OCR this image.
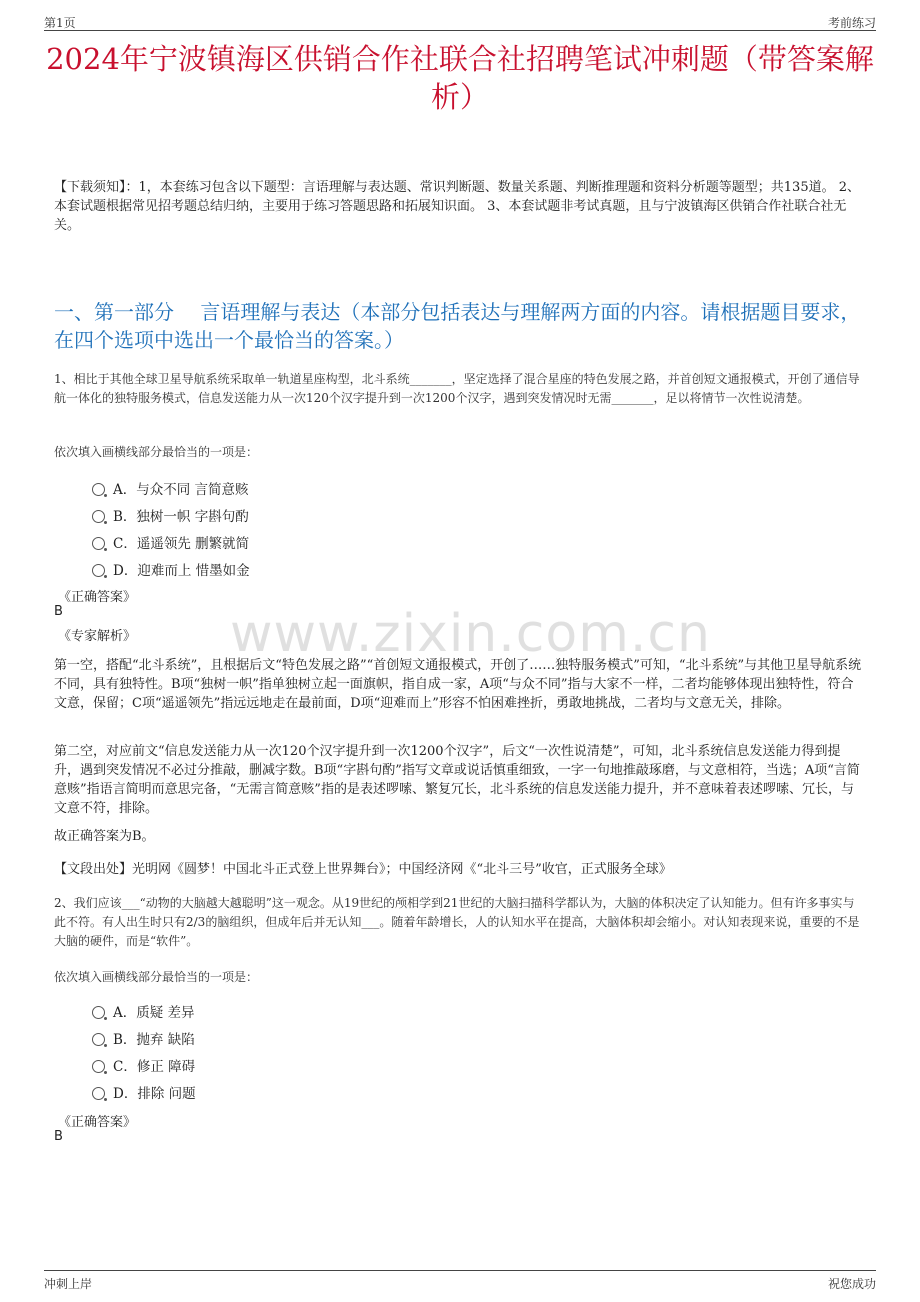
第1页	考前练习
2024年宁波镇海区供销合作社联合社招聘笔试冲刺题（带答案解析）
【下载须知】：1，本套练习包含以下题型：言语理解与表达题、常识判断题、数量关系题、判断推理题和资料分析题等题型；共135道。 2、本套试题根据常见招考题总结归纳，主要用于练习答题思路和拓展知识面。 3、本套试题非考试真题，且与宁波镇海区供销合作社联合社无关。
一、第一部分　 言语理解与表达（本部分包括表达与理解两方面的内容。请根据题目要求，在四个选项中选出一个最恰当的答案。）
1、相比于其他全球卫星导航系统采取单一轨道星座构型，北斗系统_______，坚定选择了混合星座的特色发展之路，并首创短文通报模式，开创了通信导航一体化的独特服务模式，信息发送能力从一次120个汉字提升到一次1200个汉字，遇到突发情况时无需_______，足以将情节一次性说清楚。
依次填入画横线部分最恰当的一项是：
A．与众不同 言简意赅
B．独树一帜 字斟句酌
C．遥遥领先 删繁就简
D．迎难而上 惜墨如金
《正确答案》
B
《专家解析》 www.zixin.com.cn
第一空，搭配“北斗系统”，且根据后文“特色发展之路”“首创短文通报模式，开创了……独特服务模式”可知，“北斗系统”与其他卫星导航系统不同，具有独特性。B项“独树一帜”指单独树立起一面旗帜，指自成一家，A项“与众不同”指与大家不一样，二者均能够体现出独特性，符合文意，保留；C项“遥遥领先”指远远地走在最前面，D项“迎难而上”形容不怕困难挫折，勇敢地挑战，二者均与文意无关，排除。
第二空，对应前文“信息发送能力从一次120个汉字提升到一次1200个汉字”，后文“一次性说清楚”，可知，北斗系统信息发送能力得到提升，遇到突发情况不必过分推敲，删减字数。B项“字斟句酌”指写文章或说话慎重细致，一字一句地推敲琢磨，与文意相符，当选；A项“言简意赅”指语言简明而意思完备，“无需言简意赅”指的是表述啰嗦、繁复冗长，北斗系统的信息发送能力提升，并不意味着表述啰嗦、冗长，与文意不符，排除。
故正确答案为B。
【文段出处】光明网《圆梦！中国北斗正式登上世界舞台》；中国经济网《“北斗三号”收官，正式服务全球》
2、我们应该___“动物的大脑越大越聪明”这一观念。从19世纪的颅相学到21世纪的大脑扫描科学都认为，大脑的体积决定了认知能力。但有许多事实与此不符。有人出生时只有2/3的脑组织，但成年后并无认知___。随着年龄增长，人的认知水平在提高，大脑体积却会缩小。对认知表现来说，重要的不是大脑的硬件，而是“软件”。
依次填入画横线部分最恰当的一项是：
A．质疑 差异
B．抛弃 缺陷
C．修正 障碍
D．排除 问题
《正确答案》
B
冲刺上岸	祝您成功
